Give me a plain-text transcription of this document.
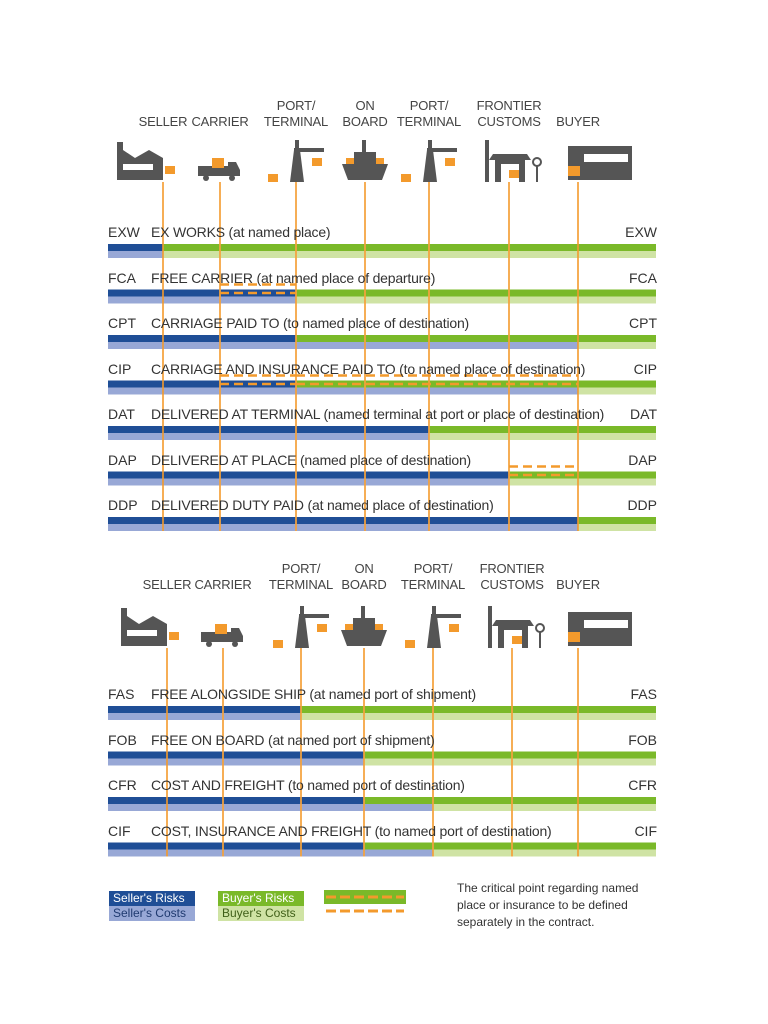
SELLER CARRIER
PORT/
TERMINAL
ON
BOARD
PORT/
TERMINAL
FRONTIER
CUSTOMS	BUYER
EXW EX WORKS (at named place)	EXW
FCA FREE CARRIER (at named place of departure)	FCA
CPT CARRIAGE PAID TO (to named place of destination)	CPT
CIP CARRIAGE AND INSURANCE PAID TO (to named place of destination)	CIP
DAT DELIVERED AT TERMINAL (named terminal at port or place of destination)	DAT
DAP DELIVERED AT PLACE (named place of destination)	DAP
DDP DELIVERED DUTY PAID (at named place of destination)	DDP
SELLER CARRIER
PORT/
TERMINAL
ON
BOARD
PORT/
TERMINAL
FRONTIER
CUSTOMS BUYER
FAS FREE ALONGSIDE SHIP (at named port of shipment)	FAS
FOB FREE ON BOARD (at named port of shipment)	FOB
CFR COST AND FREIGHT (to named port of destination)	CFR
CIF COST, INSURANCE AND FREIGHT (to named port of destination)	CIF
Seller's Risks
Seller's Costs
Buyer's Risks
Buyer's Costs
The critical point regarding named place or insurance to be defined separately in the contract.
